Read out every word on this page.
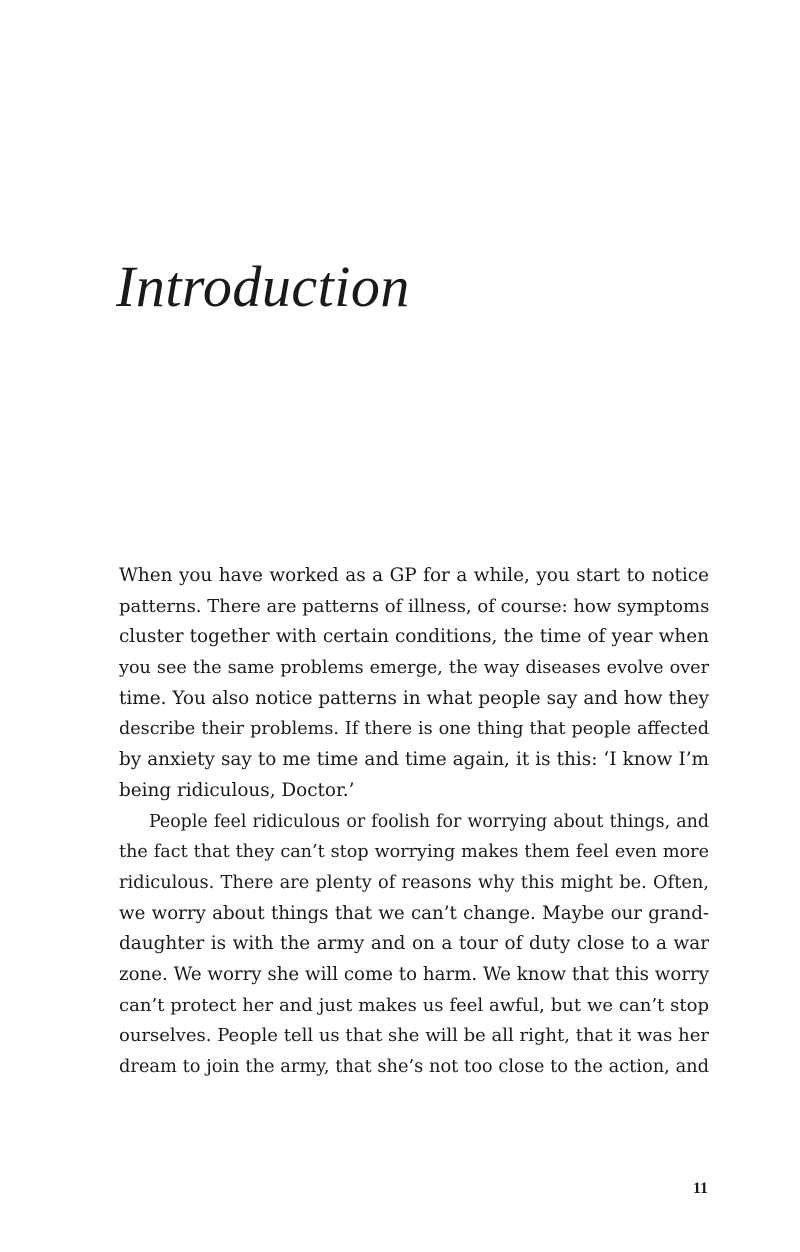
Introduction
When you have worked as a GP for a while, you start to notice
patterns. There are patterns of illness, of course: how symptoms
cluster together with certain conditions, the time of year when
you see the same problems emerge, the way diseases evolve over
time. You also notice patterns in what people say and how they
describe their problems. If there is one thing that people affected
by anxiety say to me time and time again, it is this: ‘I know I’m
being ridiculous, Doctor.’
People feel ridiculous or foolish for worrying about things, and
the fact that they can’t stop worrying makes them feel even more
ridiculous. There are plenty of reasons why this might be. Often,
we worry about things that we can’t change. Maybe our grand-
daughter is with the army and on a tour of duty close to a war
zone. We worry she will come to harm. We know that this worry
can’t protect her and just makes us feel awful, but we can’t stop
ourselves. People tell us that she will be all right, that it was her
dream to join the army, that she’s not too close to the action, and
11
